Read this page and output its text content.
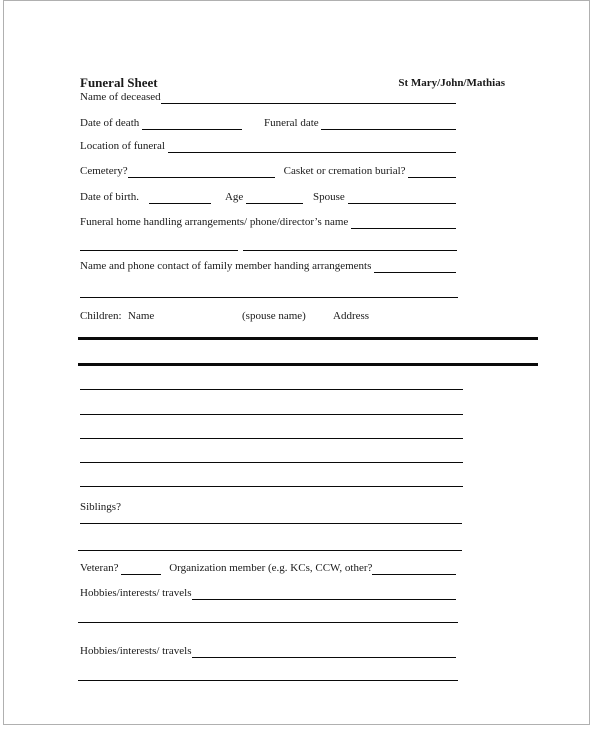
Funeral Sheet	St Mary/John/Mathias
Name of deceased
Date of death	Funeral date
Location of funeral
Cemetery?	Casket or cremation burial?
Date of birth.	Age	Spouse
Funeral home handling arrangements/ phone/director’s name
Name and phone contact of family member handing arrangements
Children: Name	(spouse name) Address
Siblings?
Veteran?	Organization member (e.g. KCs, CCW, other?
Hobbies/interests/ travels
Hobbies/interests/ travels
